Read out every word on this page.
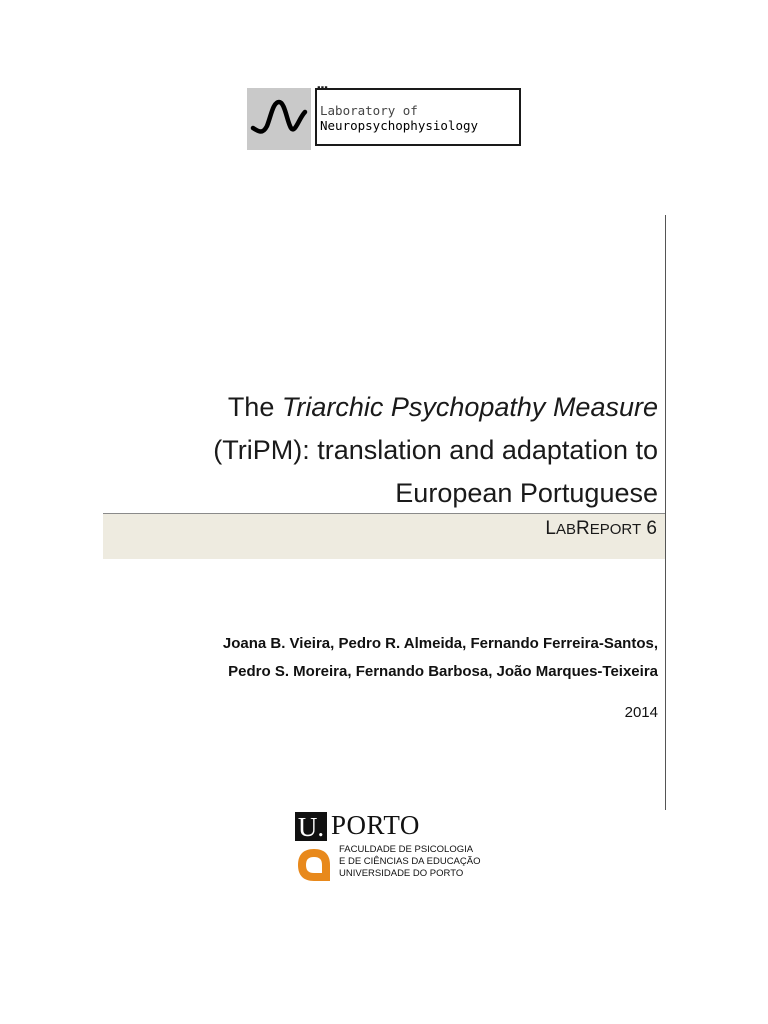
▪▪▪
Laboratory of
Neuropsychophysiology
The Triarchic Psychopathy Measure
(TriPM): translation and adaptation to
European Portuguese
LABREPORT 6
Joana B. Vieira, Pedro R. Almeida, Fernando Ferreira-Santos,
Pedro S. Moreira, Fernando Barbosa, João Marques-Teixeira
2014
U. PORTO
FACULDADE DE PSICOLOGIA
E DE CIÊNCIAS DA EDUCAÇÃO
UNIVERSIDADE DO PORTO
